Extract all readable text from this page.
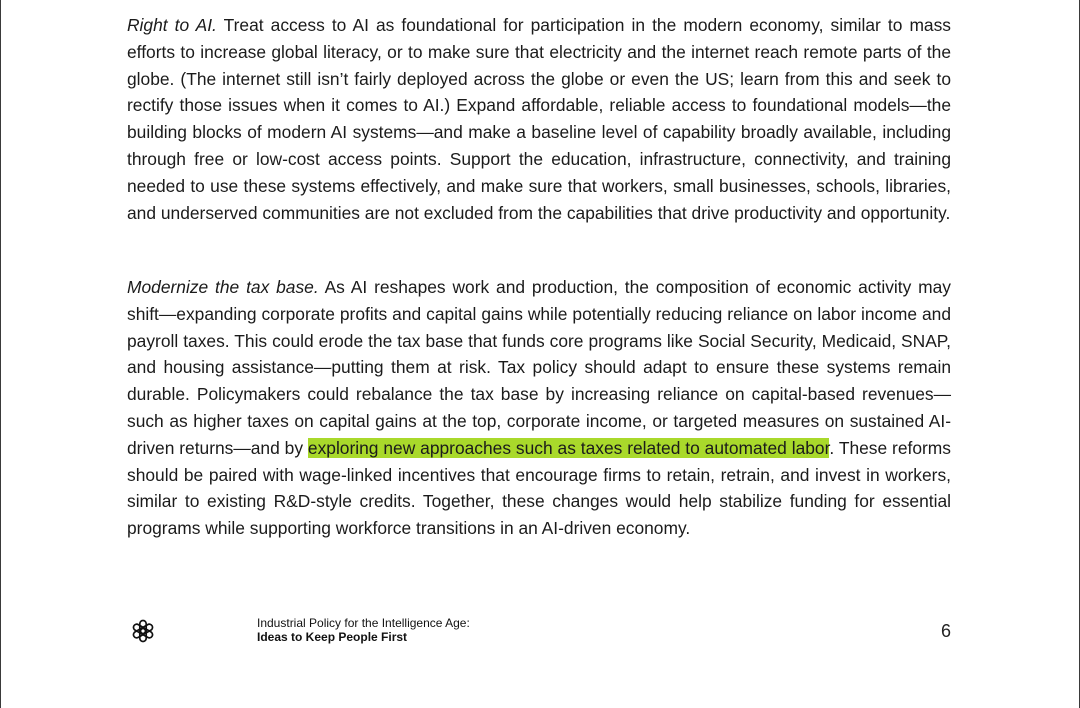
Right to AI. Treat access to AI as foundational for participation in the modern economy, similar to mass efforts to increase global literacy, or to make sure that electricity and the internet reach remote parts of the globe. (The internet still isn’t fairly deployed across the globe or even the US; learn from this and seek to rectify those issues when it comes to AI.) Expand affordable, reliable access to foundational models—the building blocks of modern AI systems—and make a baseline level of capability broadly available, including through free or low-cost access points. Support the education, infrastructure, connectivity, and training needed to use these systems effectively, and make sure that workers, small businesses, schools, libraries, and underserved communities are not excluded from the capabilities that drive productivity and opportunity.

Modernize the tax base. As AI reshapes work and production, the composition of economic activity may shift—expanding corporate profits and capital gains while potentially reducing reliance on labor income and payroll taxes. This could erode the tax base that funds core programs like Social Security, Medicaid, SNAP, and housing assistance—putting them at risk. Tax policy should adapt to ensure these systems remain durable. Policymakers could rebalance the tax base by increasing reliance on capital-based revenues—such as higher taxes on capital gains at the top, corporate income, or targeted measures on sustained AI-driven returns—and by exploring new approaches such as taxes related to automated labor. These reforms should be paired with wage-linked incentives that encourage firms to retain, retrain, and invest in workers, similar to existing R&D-style credits. Together, these changes would help stabilize funding for essential programs while supporting workforce transitions in an AI-driven economy.

Industrial Policy for the Intelligence Age:
Ideas to Keep People First	6
